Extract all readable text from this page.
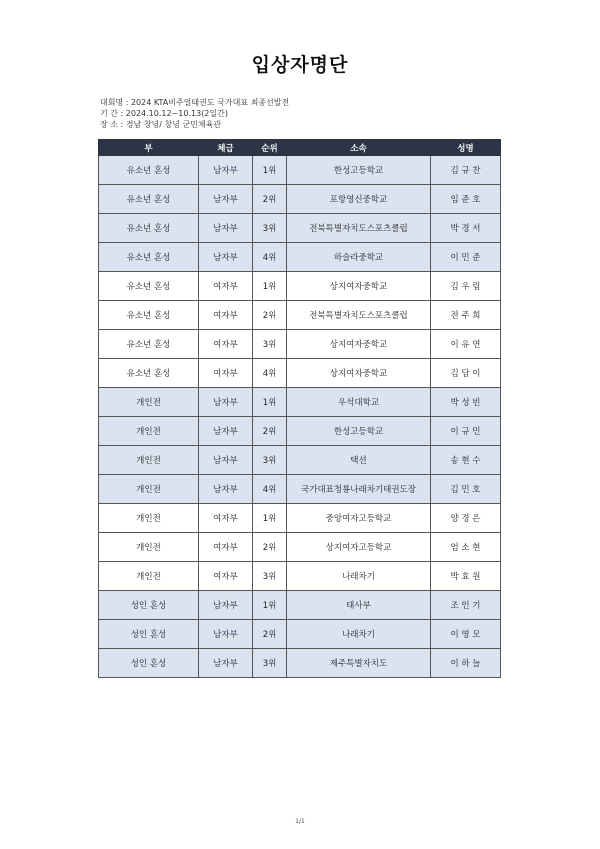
입상자명단
대회명 : 2024 KTA비주얼태권도 국가대표 최종선발전
기 간 : 2024.10.12~10.13(2일간)
장 소 : 경남 창녕/ 창녕 군민체육관
부	체급	순위	소속	성명
유소년 혼성	남자부	1위	한성고등학교	김 규 찬
유소년 혼성	남자부	2위	포항영신중학교	임 준 호
유소년 혼성	남자부	3위	전북특별자치도스포츠클럽	박 경 서
유소년 혼성	남자부	4위	하슬라중학교	이 민 준
유소년 혼성	여자부	1위	상지여자중학교	김 우 림
유소년 혼성	여자부	2위	전북특별자치도스포츠클럽	전 주 희
유소년 혼성	여자부	3위	상지여자중학교	이 유 연
유소년 혼성	여자부	4위	상지여자중학교	김 담 이
개인전	남자부	1위	우석대학교	박 성 빈
개인전	남자부	2위	한성고등학교	이 규 민
개인전	남자부	3위	택션	송 현 수
개인전	남자부	4위	국가대표청룡나래차기태권도장	김 민 호
개인전	여자부	1위	중앙여자고등학교	양 경 은
개인전	여자부	2위	상지여자고등학교	엄 소 현
개인전	여자부	3위	나래차기	박 효 원
성인 혼성	남자부	1위	태사부	조 인 기
성인 혼성	남자부	2위	나래차기	이 영 모
성인 혼성	남자부	3위	제주특별자치도	이 하 늘
1/1
